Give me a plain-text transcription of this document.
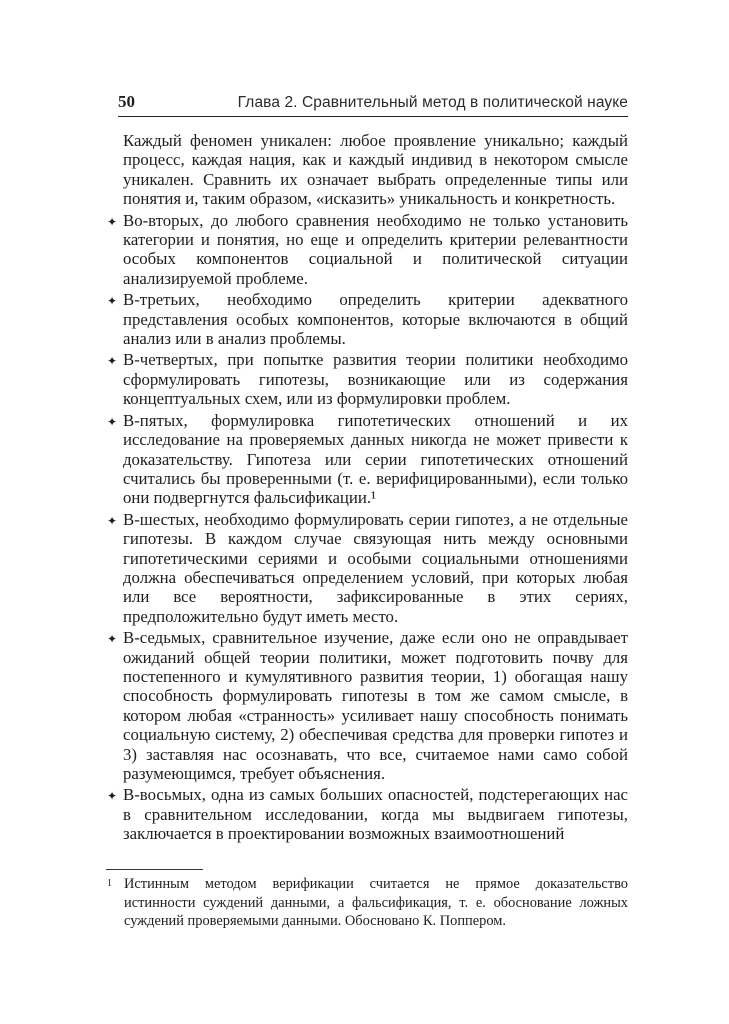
50	Глава 2. Сравнительный метод в политической науке

Каждый феномен уникален: любое проявление уникально; каждый процесс, каждая нация, как и каждый индивид в некотором смысле уникален. Сравнить их означает выбрать определенные типы или понятия и, таким образом, «исказить» уникальность и конкретность.

✦ Во-вторых, до любого сравнения необходимо не только установить категории и понятия, но еще и определить критерии релевантности особых компонентов социальной и политической ситуации анализируемой проблеме.
✦ В-третьих, необходимо определить критерии адекватного представления особых компонентов, которые включаются в общий анализ или в анализ проблемы.
✦ В-четвертых, при попытке развития теории политики необходимо сформулировать гипотезы, возникающие или из содержания концептуальных схем, или из формулировки проблем.
✦ В-пятых, формулировка гипотетических отношений и их исследование на проверяемых данных никогда не может привести к доказательству. Гипотеза или серии гипотетических отношений считались бы проверенными (т. е. верифицированными), если только они подвергнутся фальсификации.¹
✦ В-шестых, необходимо формулировать серии гипотез, а не отдельные гипотезы. В каждом случае связующая нить между основными гипотетическими сериями и особыми социальными отношениями должна обеспечиваться определением условий, при которых любая или все вероятности, зафиксированные в этих сериях, предположительно будут иметь место.
✦ В-седьмых, сравнительное изучение, даже если оно не оправдывает ожиданий общей теории политики, может подготовить почву для постепенного и кумулятивного развития теории, 1) обогащая нашу способность формулировать гипотезы в том же самом смысле, в котором любая «странность» усиливает нашу способность понимать социальную систему, 2) обеспечивая средства для проверки гипотез и 3) заставляя нас осознавать, что все, считаемое нами само собой разумеющимся, требует объяснения.
✦ В-восьмых, одна из самых больших опасностей, подстерегающих нас в сравнительном исследовании, когда мы выдвигаем гипотезы, заключается в проектировании возможных взаимоотношений
1 Истинным методом верификации считается не прямое доказательство истинности суждений данными, а фальсификация, т. е. обоснование ложных суждений проверяемыми данными. Обосновано К. Поппером.
